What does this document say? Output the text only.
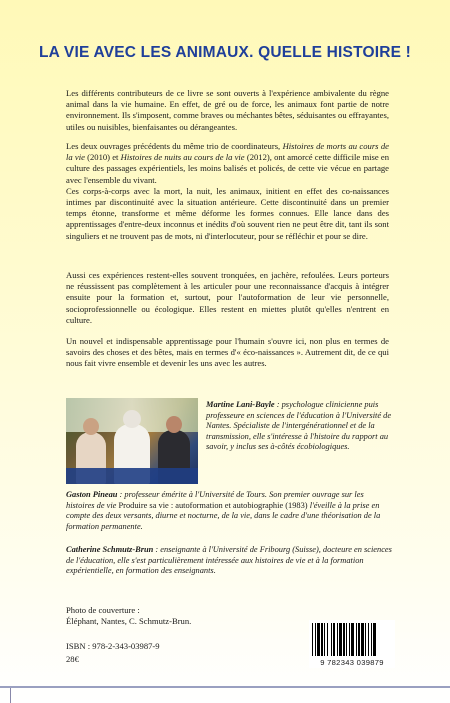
LA VIE AVEC LES ANIMAUX. QUELLE HISTOIRE !

Les différents contributeurs de ce livre se sont ouverts à l'expérience ambivalente du règne animal dans la vie humaine. En effet, de gré ou de force, les animaux font partie de notre environnement. Ils s'imposent, comme braves ou méchantes bêtes, séduisantes ou effrayantes, utiles ou nuisibles, bienfaisantes ou dérangeantes.

Les deux ouvrages précédents du même trio de coordinateurs, Histoires de morts au cours de la vie (2010) et Histoires de nuits au cours de la vie (2012), ont amorcé cette difficile mise en culture des passages expérientiels, les moins balisés et policés, de cette vie vécue en partage avec l'ensemble du vivant.
Ces corps-à-corps avec la mort, la nuit, les animaux, initient en effet des co-naissances intimes par discontinuité avec la situation antérieure. Cette discontinuité dans un premier temps étonne, transforme et même déforme les formes connues. Elle lance dans des apprentissages d'entre-deux inconnus et inédits d'où souvent rien ne peut être dit, tant ils sont singuliers et ne trouvent pas de mots, ni d'interlocuteur, pour se réfléchir et pour se dire.

Aussi ces expériences restent-elles souvent tronquées, en jachère, refoulées. Leurs porteurs ne réussissent pas complètement à les articuler pour une reconnaissance d'acquis à intégrer ensuite pour la formation et, surtout, pour l'autoformation de leur vie personnelle, socioprofessionnelle ou écologique. Elles restent en miettes plutôt qu'elles n'entrent en culture.

Un nouvel et indispensable apprentissage pour l'humain s'ouvre ici, non plus en termes de savoirs des choses et des bêtes, mais en termes d'« éco-naissances ». Autrement dit, de ce qui nous fait vivre ensemble et devenir les uns avec les autres.

Martine Lani-Bayle : psychologue clinicienne puis professeure en sciences de l'éducation à l'Université de Nantes. Spécialiste de l'intergénérationnel et de la transmission, elle s'intéresse à l'histoire du rapport au savoir, y inclus ses à-côtés écobiologiques.

Gaston Pineau : professeur émérite à l'Université de Tours. Son premier ouvrage sur les histoires de vie Produire sa vie : autoformation et autobiographie (1983) l'éveille à la prise en compte des deux versants, diurne et nocturne, de la vie, dans le cadre d'une théorisation de la formation permanente.

Catherine Schmutz-Brun : enseignante à l'Université de Fribourg (Suisse), docteure en sciences de l'éducation, elle s'est particulièrement intéressée aux histoires de vie et à la formation expérientielle, en formation des enseignants.

Photo de couverture :
Éléphant, Nantes, C. Schmutz-Brun.
ISBN : 978-2-343-03987-9
28€	9 782343 039879
